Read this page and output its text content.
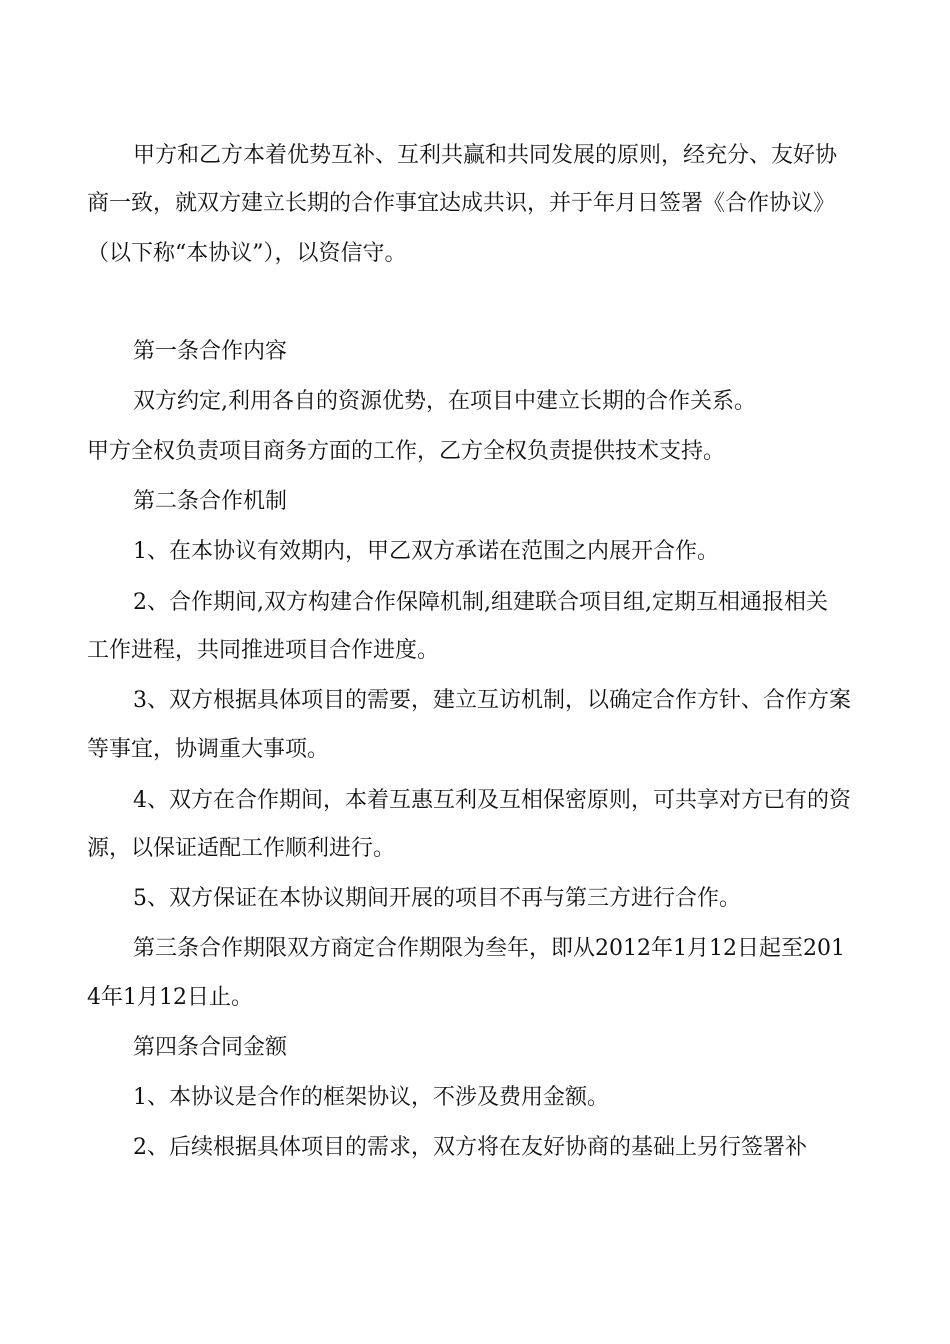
甲方和乙方本着优势互补、互利共赢和共同发展的原则，经充分、友好协
商一致，就双方建立长期的合作事宜达成共识，并于年月日签署《合作协议》
（以下称“本协议”），以资信守。
第一条合作内容
双方约定,利用各自的资源优势，在项目中建立长期的合作关系。
甲方全权负责项目商务方面的工作，乙方全权负责提供技术支持。
第二条合作机制
1、在本协议有效期内，甲乙双方承诺在范围之内展开合作。
2、合作期间,双方构建合作保障机制,组建联合项目组,定期互相通报相关
工作进程，共同推进项目合作进度。
3、双方根据具体项目的需要，建立互访机制，以确定合作方针、合作方案
等事宜，协调重大事项。
4、双方在合作期间，本着互惠互利及互相保密原则，可共享对方已有的资
源，以保证适配工作顺利进行。
5、双方保证在本协议期间开展的项目不再与第三方进行合作。
第三条合作期限双方商定合作期限为叁年，即从2012年1月12日起至201
4年1月12日止。
第四条合同金额
1、本协议是合作的框架协议，不涉及费用金额。
2、后续根据具体项目的需求，双方将在友好协商的基础上另行签署补
